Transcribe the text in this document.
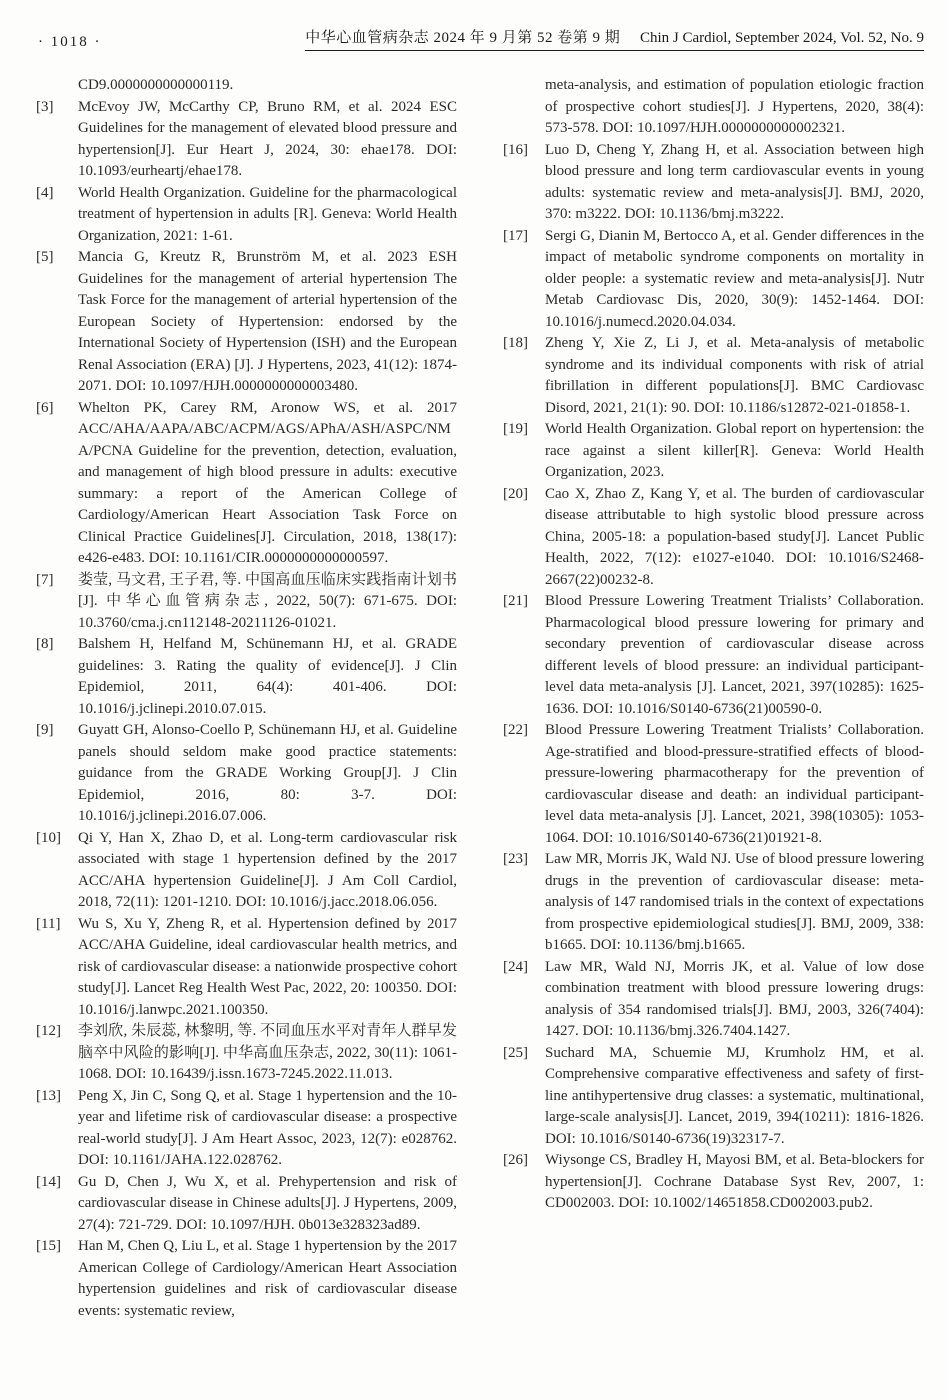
· 1018 ·	中华心血管病杂志 2024 年 9 月第 52 卷第 9 期 Chin J Cardiol, September 2024, Vol. 52, No. 9
CD9.0000000000000119.
[3]	McEvoy JW, McCarthy CP, Bruno RM, et al. 2024 ESC Guidelines for the management of elevated blood pressure and hypertension[J]. Eur Heart J, 2024, 30: ehae178. DOI: 10.1093/eurheartj/ehae178.
[4]	World Health Organization. Guideline for the pharmacological treatment of hypertension in adults [R]. Geneva: World Health Organization, 2021: 1-61.
[5]	Mancia G, Kreutz R, Brunström M, et al. 2023 ESH Guidelines for the management of arterial hypertension The Task Force for the management of arterial hypertension of the European Society of Hypertension: endorsed by the International Society of Hypertension (ISH) and the European Renal Association (ERA) [J]. J Hypertens, 2023, 41(12): 1874-2071. DOI: 10.1097/HJH.0000000000003480.
[6]	Whelton PK, Carey RM, Aronow WS, et al. 2017 ACC/AHA/AAPA/ABC/ACPM/AGS/APhA/ASH/ASPC/NMA/PCNA Guideline for the prevention, detection, evaluation, and management of high blood pressure in adults: executive summary: a report of the American College of Cardiology/American Heart Association Task Force on Clinical Practice Guidelines[J]. Circulation, 2018, 138(17): e426-e483. DOI: 10.1161/CIR.0000000000000597.
[7]	娄莹, 马文君, 王子君, 等. 中国高血压临床实践指南计划书[J]. 中华心血管病杂志, 2022, 50(7): 671-675. DOI: 10.3760/cma.j.cn112148-20211126-01021.
[8]	Balshem H, Helfand M, Schünemann HJ, et al. GRADE guidelines: 3. Rating the quality of evidence[J]. J Clin Epidemiol, 2011, 64(4): 401-406. DOI: 10.1016/j.jclinepi.2010.07.015.
[9]	Guyatt GH, Alonso-Coello P, Schünemann HJ, et al. Guideline panels should seldom make good practice statements: guidance from the GRADE Working Group[J]. J Clin Epidemiol, 2016, 80: 3-7. DOI: 10.1016/j.jclinepi.2016.07.006.
[10]	Qi Y, Han X, Zhao D, et al. Long-term cardiovascular risk associated with stage 1 hypertension defined by the 2017 ACC/AHA hypertension Guideline[J]. J Am Coll Cardiol, 2018, 72(11): 1201-1210. DOI: 10.1016/j.jacc.2018.06.056.
[11]	Wu S, Xu Y, Zheng R, et al. Hypertension defined by 2017 ACC/AHA Guideline, ideal cardiovascular health metrics, and risk of cardiovascular disease: a nationwide prospective cohort study[J]. Lancet Reg Health West Pac, 2022, 20: 100350. DOI: 10.1016/j.lanwpc.2021.100350.
[12]	李刘欣, 朱辰蕊, 林黎明, 等. 不同血压水平对青年人群早发脑卒中风险的影响[J]. 中华高血压杂志, 2022, 30(11): 1061-1068. DOI: 10.16439/j.issn.1673-7245.2022.11.013.
[13]	Peng X, Jin C, Song Q, et al. Stage 1 hypertension and the 10-year and lifetime risk of cardiovascular disease: a prospective real-world study[J]. J Am Heart Assoc, 2023, 12(7): e028762. DOI: 10.1161/JAHA.122.028762.
[14]	Gu D, Chen J, Wu X, et al. Prehypertension and risk of cardiovascular disease in Chinese adults[J]. J Hypertens, 2009, 27(4): 721-729. DOI: 10.1097/HJH. 0b013e328323ad89.
[15]	Han M, Chen Q, Liu L, et al. Stage 1 hypertension by the 2017 American College of Cardiology/American Heart Association hypertension guidelines and risk of cardiovascular disease events: systematic review,
meta-analysis, and estimation of population etiologic fraction of prospective cohort studies[J]. J Hypertens, 2020, 38(4): 573-578. DOI: 10.1097/HJH.0000000000002321.
[16]	Luo D, Cheng Y, Zhang H, et al. Association between high blood pressure and long term cardiovascular events in young adults: systematic review and meta-analysis[J]. BMJ, 2020, 370: m3222. DOI: 10.1136/bmj.m3222.
[17]	Sergi G, Dianin M, Bertocco A, et al. Gender differences in the impact of metabolic syndrome components on mortality in older people: a systematic review and meta-analysis[J]. Nutr Metab Cardiovasc Dis, 2020, 30(9): 1452-1464. DOI: 10.1016/j.numecd.2020.04.034.
[18]	Zheng Y, Xie Z, Li J, et al. Meta-analysis of metabolic syndrome and its individual components with risk of atrial fibrillation in different populations[J]. BMC Cardiovasc Disord, 2021, 21(1): 90. DOI: 10.1186/s12872-021-01858-1.
[19]	World Health Organization. Global report on hypertension: the race against a silent killer[R]. Geneva: World Health Organization, 2023.
[20]	Cao X, Zhao Z, Kang Y, et al. The burden of cardiovascular disease attributable to high systolic blood pressure across China, 2005-18: a population-based study[J]. Lancet Public Health, 2022, 7(12): e1027-e1040. DOI: 10.1016/S2468-2667(22)00232-8.
[21]	Blood Pressure Lowering Treatment Trialists’ Collaboration. Pharmacological blood pressure lowering for primary and secondary prevention of cardiovascular disease across different levels of blood pressure: an individual participant-level data meta-analysis [J]. Lancet, 2021, 397(10285): 1625-1636. DOI: 10.1016/S0140-6736(21)00590-0.
[22]	Blood Pressure Lowering Treatment Trialists’ Collaboration. Age-stratified and blood-pressure-stratified effects of blood-pressure-lowering pharmacotherapy for the prevention of cardiovascular disease and death: an individual participant-level data meta-analysis [J]. Lancet, 2021, 398(10305): 1053-1064. DOI: 10.1016/S0140-6736(21)01921-8.
[23]	Law MR, Morris JK, Wald NJ. Use of blood pressure lowering drugs in the prevention of cardiovascular disease: meta-analysis of 147 randomised trials in the context of expectations from prospective epidemiological studies[J]. BMJ, 2009, 338: b1665. DOI: 10.1136/bmj.b1665.
[24]	Law MR, Wald NJ, Morris JK, et al. Value of low dose combination treatment with blood pressure lowering drugs: analysis of 354 randomised trials[J]. BMJ, 2003, 326(7404): 1427. DOI: 10.1136/bmj.326.7404.1427.
[25]	Suchard MA, Schuemie MJ, Krumholz HM, et al. Comprehensive comparative effectiveness and safety of first-line antihypertensive drug classes: a systematic, multinational, large-scale analysis[J]. Lancet, 2019, 394(10211): 1816-1826. DOI: 10.1016/S0140-6736(19)32317-7.
[26]	Wiysonge CS, Bradley H, Mayosi BM, et al. Beta-blockers for hypertension[J]. Cochrane Database Syst Rev, 2007, 1: CD002003. DOI: 10.1002/14651858.CD002003.pub2.
